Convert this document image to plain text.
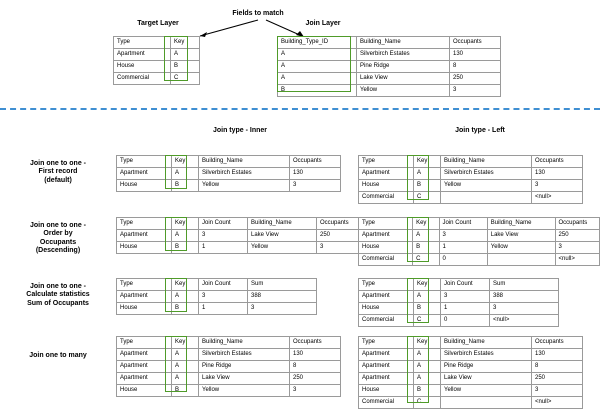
Target Layer
Fields to match
Join Layer
Type	Key
Apartment	A
House	B
Commercial	C
Building_Type_ID	Building_Name	Occupants
A	Silverbirch Estates	130
A	Pine Ridge	8
A	Lake View	250
B	Yellow	3
Join type - Inner	Join type - Left
Join one to one -
First record
(default)
Join one to one -
Order by
Occupants
(Descending)
Join one to one -
Calculate statistics
Sum of Occupants
Join one to many
Type	Key	Building_Name	Occupants
Apartment	A	Silverbirch Estates	130
House	B	Yellow	3
Type	Key	Building_Name	Occupants
Apartment	A	Silverbirch Estates	130
House	B	Yellow	3
Commercial	C		<null>
Type	Key	Join Count	Building_Name	Occupants
Apartment	A	3	Lake View	250
House	B	1	Yellow	3
Type	Key	Join Count	Building_Name	Occupants
Apartment	A	3	Lake View	250
House	B	1	Yellow	3
Commercial	C	0		<null>
Type	Key	Join Count	Sum
Apartment	A	3	388
House	B	1	3
Type	Key	Join Count	Sum
Apartment	A	3	388
House	B	1	3
Commercial	C	0	<null>
Type	Key	Building_Name	Occupants
Apartment	A	Silverbirch Estates	130
Apartment	A	Pine Ridge	8
Apartment	A	Lake View	250
House	B	Yellow	3
Type	Key	Building_Name	Occupants
Apartment	A	Silverbirch Estates	130
Apartment	A	Pine Ridge	8
Apartment	A	Lake View	250
House	B	Yellow	3
Commercial	C		<null>
